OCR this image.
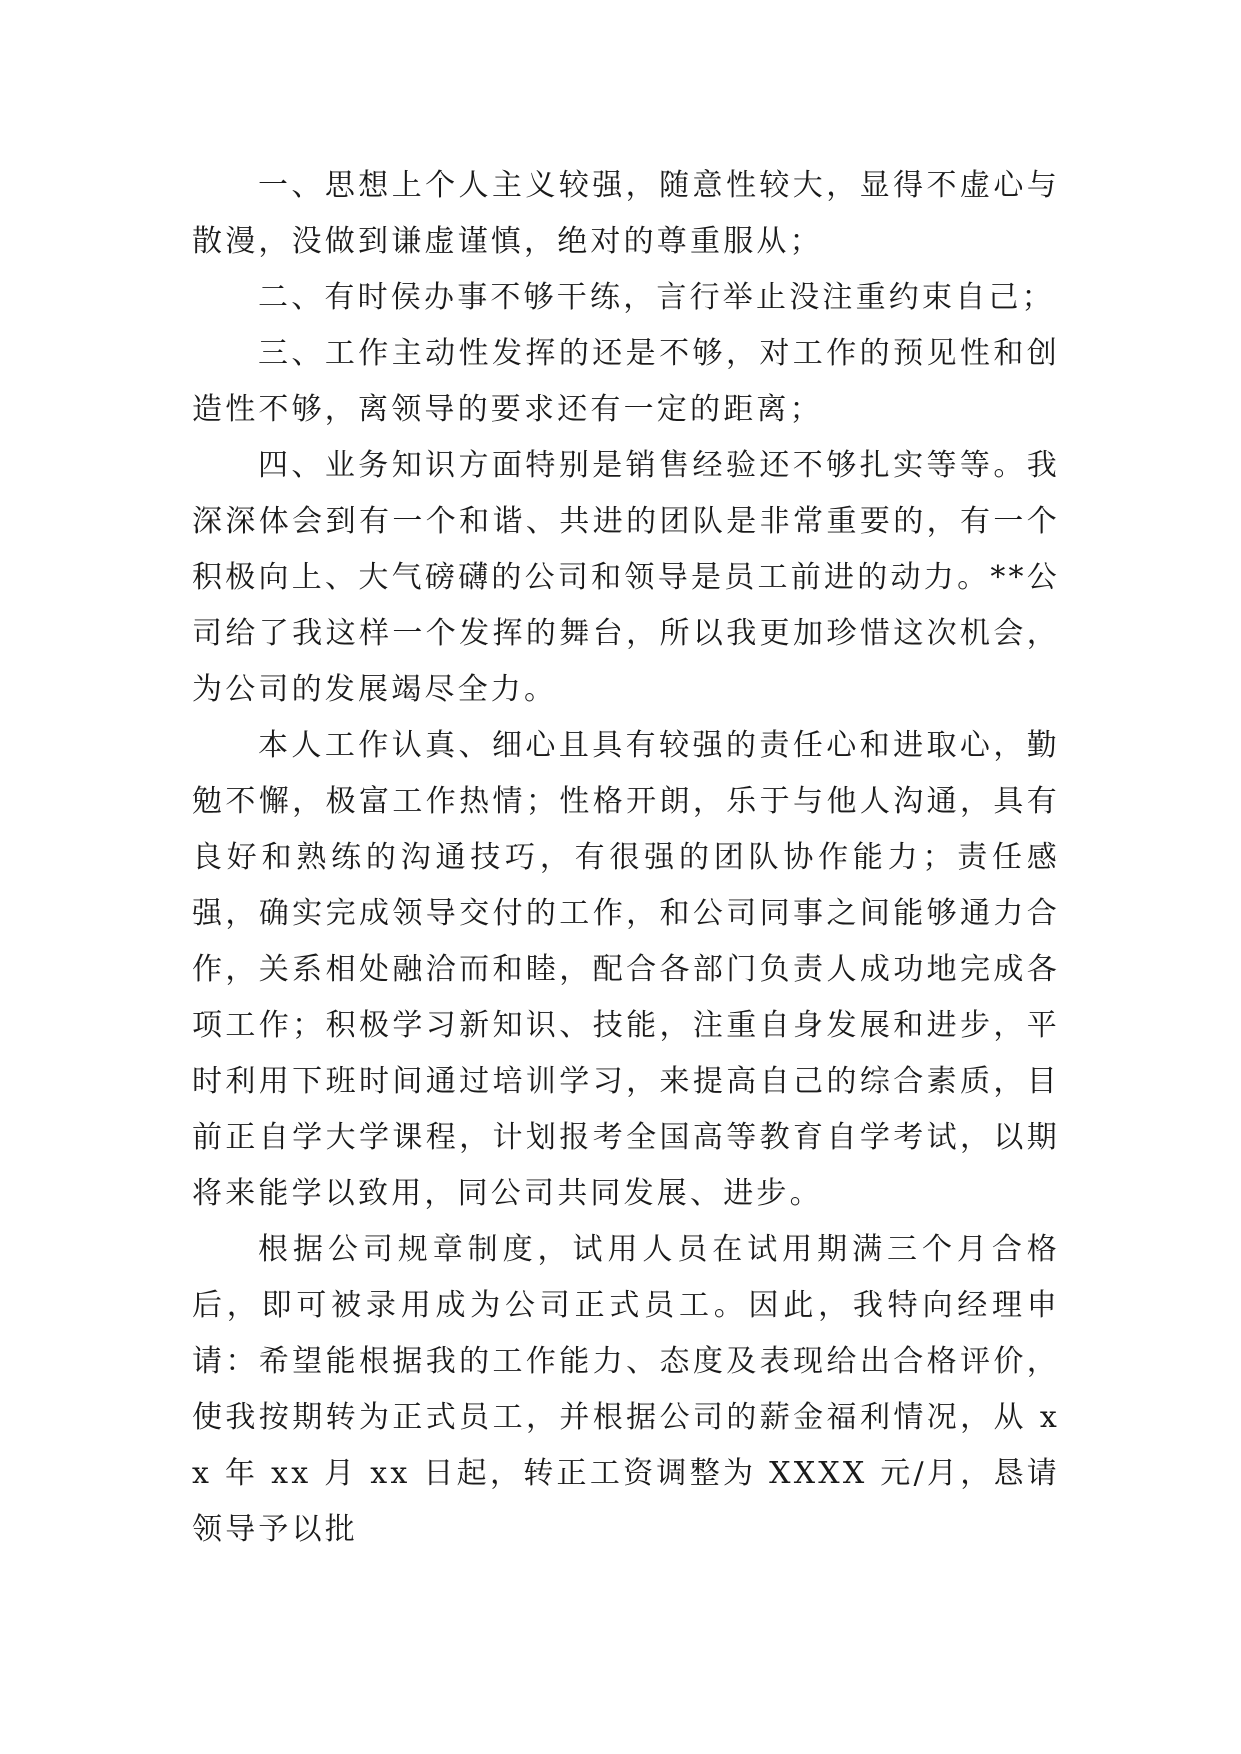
一、思想上个人主义较强，随意性较大，显得不虚心与散漫，没做到谦虚谨慎，绝对的尊重服从；

二、有时侯办事不够干练，言行举止没注重约束自己；

三、工作主动性发挥的还是不够，对工作的预见性和创造性不够，离领导的要求还有一定的距离；

四、业务知识方面特别是销售经验还不够扎实等等。我深深体会到有一个和谐、共进的团队是非常重要的，有一个积极向上、大气磅礴的公司和领导是员工前进的动力。**公司给了我这样一个发挥的舞台，所以我更加珍惜这次机会，为公司的发展竭尽全力。

本人工作认真、细心且具有较强的责任心和进取心，勤勉不懈，极富工作热情；性格开朗，乐于与他人沟通，具有良好和熟练的沟通技巧，有很强的团队协作能力；责任感强，确实完成领导交付的工作，和公司同事之间能够通力合作，关系相处融洽而和睦，配合各部门负责人成功地完成各项工作；积极学习新知识、技能，注重自身发展和进步，平时利用下班时间通过培训学习，来提高自己的综合素质，目前正自学大学课程，计划报考全国高等教育自学考试，以期将来能学以致用，同公司共同发展、进步。

根据公司规章制度，试用人员在试用期满三个月合格后，即可被录用成为公司正式员工。因此，我特向经理申请：希望能根据我的工作能力、态度及表现给出合格评价，使我按期转为正式员工，并根据公司的薪金福利情况，从 xx 年 xx 月 xx 日起，转正工资调整为 XXXX 元/月，恳请领导予以批
